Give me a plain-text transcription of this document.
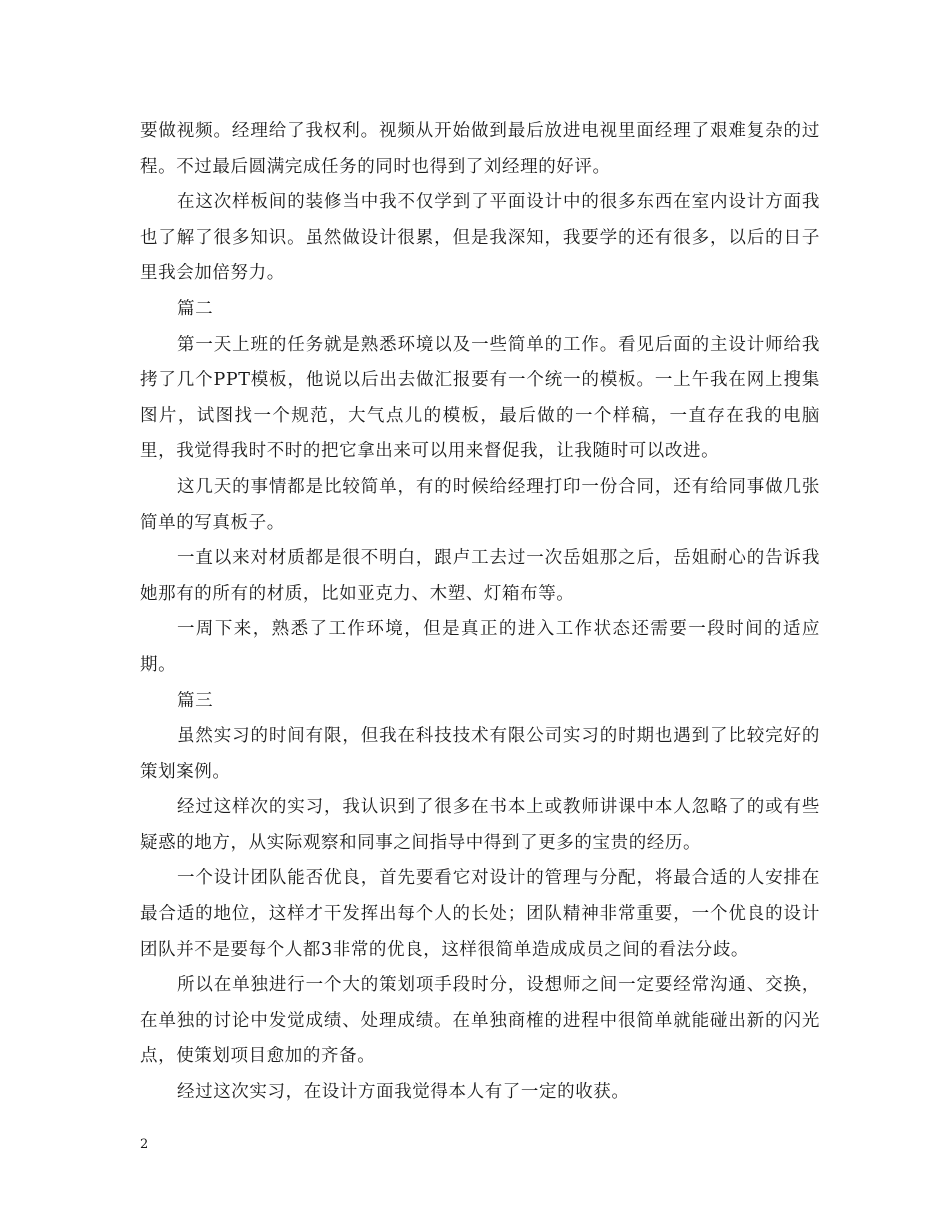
要做视频。经理给了我权利。视频从开始做到最后放进电视里面经理了艰难复杂的过程。不过最后圆满完成任务的同时也得到了刘经理的好评。

在这次样板间的装修当中我不仅学到了平面设计中的很多东西在室内设计方面我也了解了很多知识。虽然做设计很累，但是我深知，我要学的还有很多，以后的日子里我会加倍努力。

篇二

第一天上班的任务就是熟悉环境以及一些简单的工作。看见后面的主设计师给我拷了几个PPT模板，他说以后出去做汇报要有一个统一的模板。一上午我在网上搜集图片，试图找一个规范，大气点儿的模板，最后做的一个样稿，一直存在我的电脑里，我觉得我时不时的把它拿出来可以用来督促我，让我随时可以改进。

这几天的事情都是比较简单，有的时候给经理打印一份合同，还有给同事做几张简单的写真板子。

一直以来对材质都是很不明白，跟卢工去过一次岳姐那之后，岳姐耐心的告诉我她那有的所有的材质，比如亚克力、木塑、灯箱布等。

一周下来，熟悉了工作环境，但是真正的进入工作状态还需要一段时间的适应期。

篇三

虽然实习的时间有限，但我在科技技术有限公司实习的时期也遇到了比较完好的策划案例。

经过这样次的实习，我认识到了很多在书本上或教师讲课中本人忽略了的或有些疑惑的地方，从实际观察和同事之间指导中得到了更多的宝贵的经历。

一个设计团队能否优良，首先要看它对设计的管理与分配，将最合适的人安排在最合适的地位，这样才干发挥出每个人的长处；团队精神非常重要，一个优良的设计团队并不是要每个人都3非常的优良，这样很简单造成成员之间的看法分歧。

所以在单独进行一个大的策划项手段时分，设想师之间一定要经常沟通、交换，在单独的讨论中发觉成绩、处理成绩。在单独商榷的进程中很简单就能碰出新的闪光点，使策划项目愈加的齐备。

经过这次实习，在设计方面我觉得本人有了一定的收获。

2
